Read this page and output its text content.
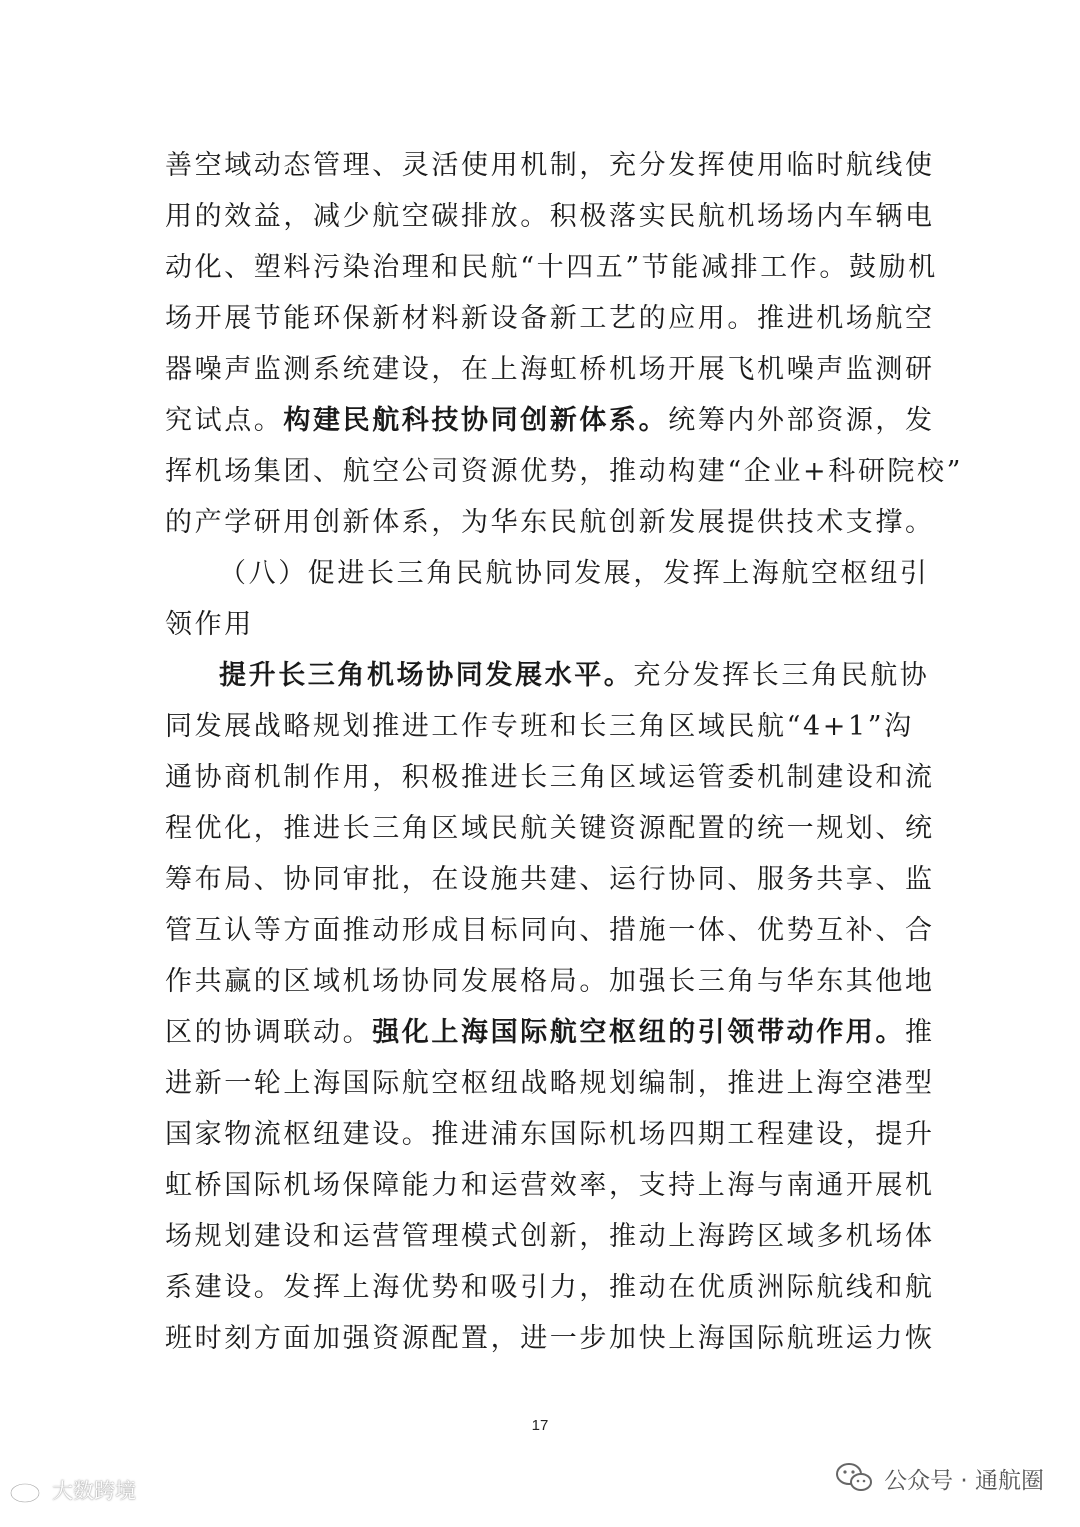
善空域动态管理、灵活使用机制，充分发挥使用临时航线使
用的效益，减少航空碳排放。积极落实民航机场场内车辆电
动化、塑料污染治理和民航“十四五”节能减排工作。鼓励机
场开展节能环保新材料新设备新工艺的应用。推进机场航空
器噪声监测系统建设，在上海虹桥机场开展飞机噪声监测研
究试点。构建民航科技协同创新体系。统筹内外部资源，发
挥机场集团、航空公司资源优势，推动构建“企业+科研院校”
的产学研用创新体系，为华东民航创新发展提供技术支撑。
（八）促进长三角民航协同发展，发挥上海航空枢纽引
领作用
提升长三角机场协同发展水平。充分发挥长三角民航协
同发展战略规划推进工作专班和长三角区域民航“4+1”沟
通协商机制作用，积极推进长三角区域运管委机制建设和流
程优化，推进长三角区域民航关键资源配置的统一规划、统
筹布局、协同审批，在设施共建、运行协同、服务共享、监
管互认等方面推动形成目标同向、措施一体、优势互补、合
作共赢的区域机场协同发展格局。加强长三角与华东其他地
区的协调联动。强化上海国际航空枢纽的引领带动作用。推
进新一轮上海国际航空枢纽战略规划编制，推进上海空港型
国家物流枢纽建设。推进浦东国际机场四期工程建设，提升
虹桥国际机场保障能力和运营效率，支持上海与南通开展机
场规划建设和运营管理模式创新，推动上海跨区域多机场体
系建设。发挥上海优势和吸引力，推动在优质洲际航线和航
班时刻方面加强资源配置，进一步加快上海国际航班运力恢
17
大数跨境	公众号 · 通航圈
